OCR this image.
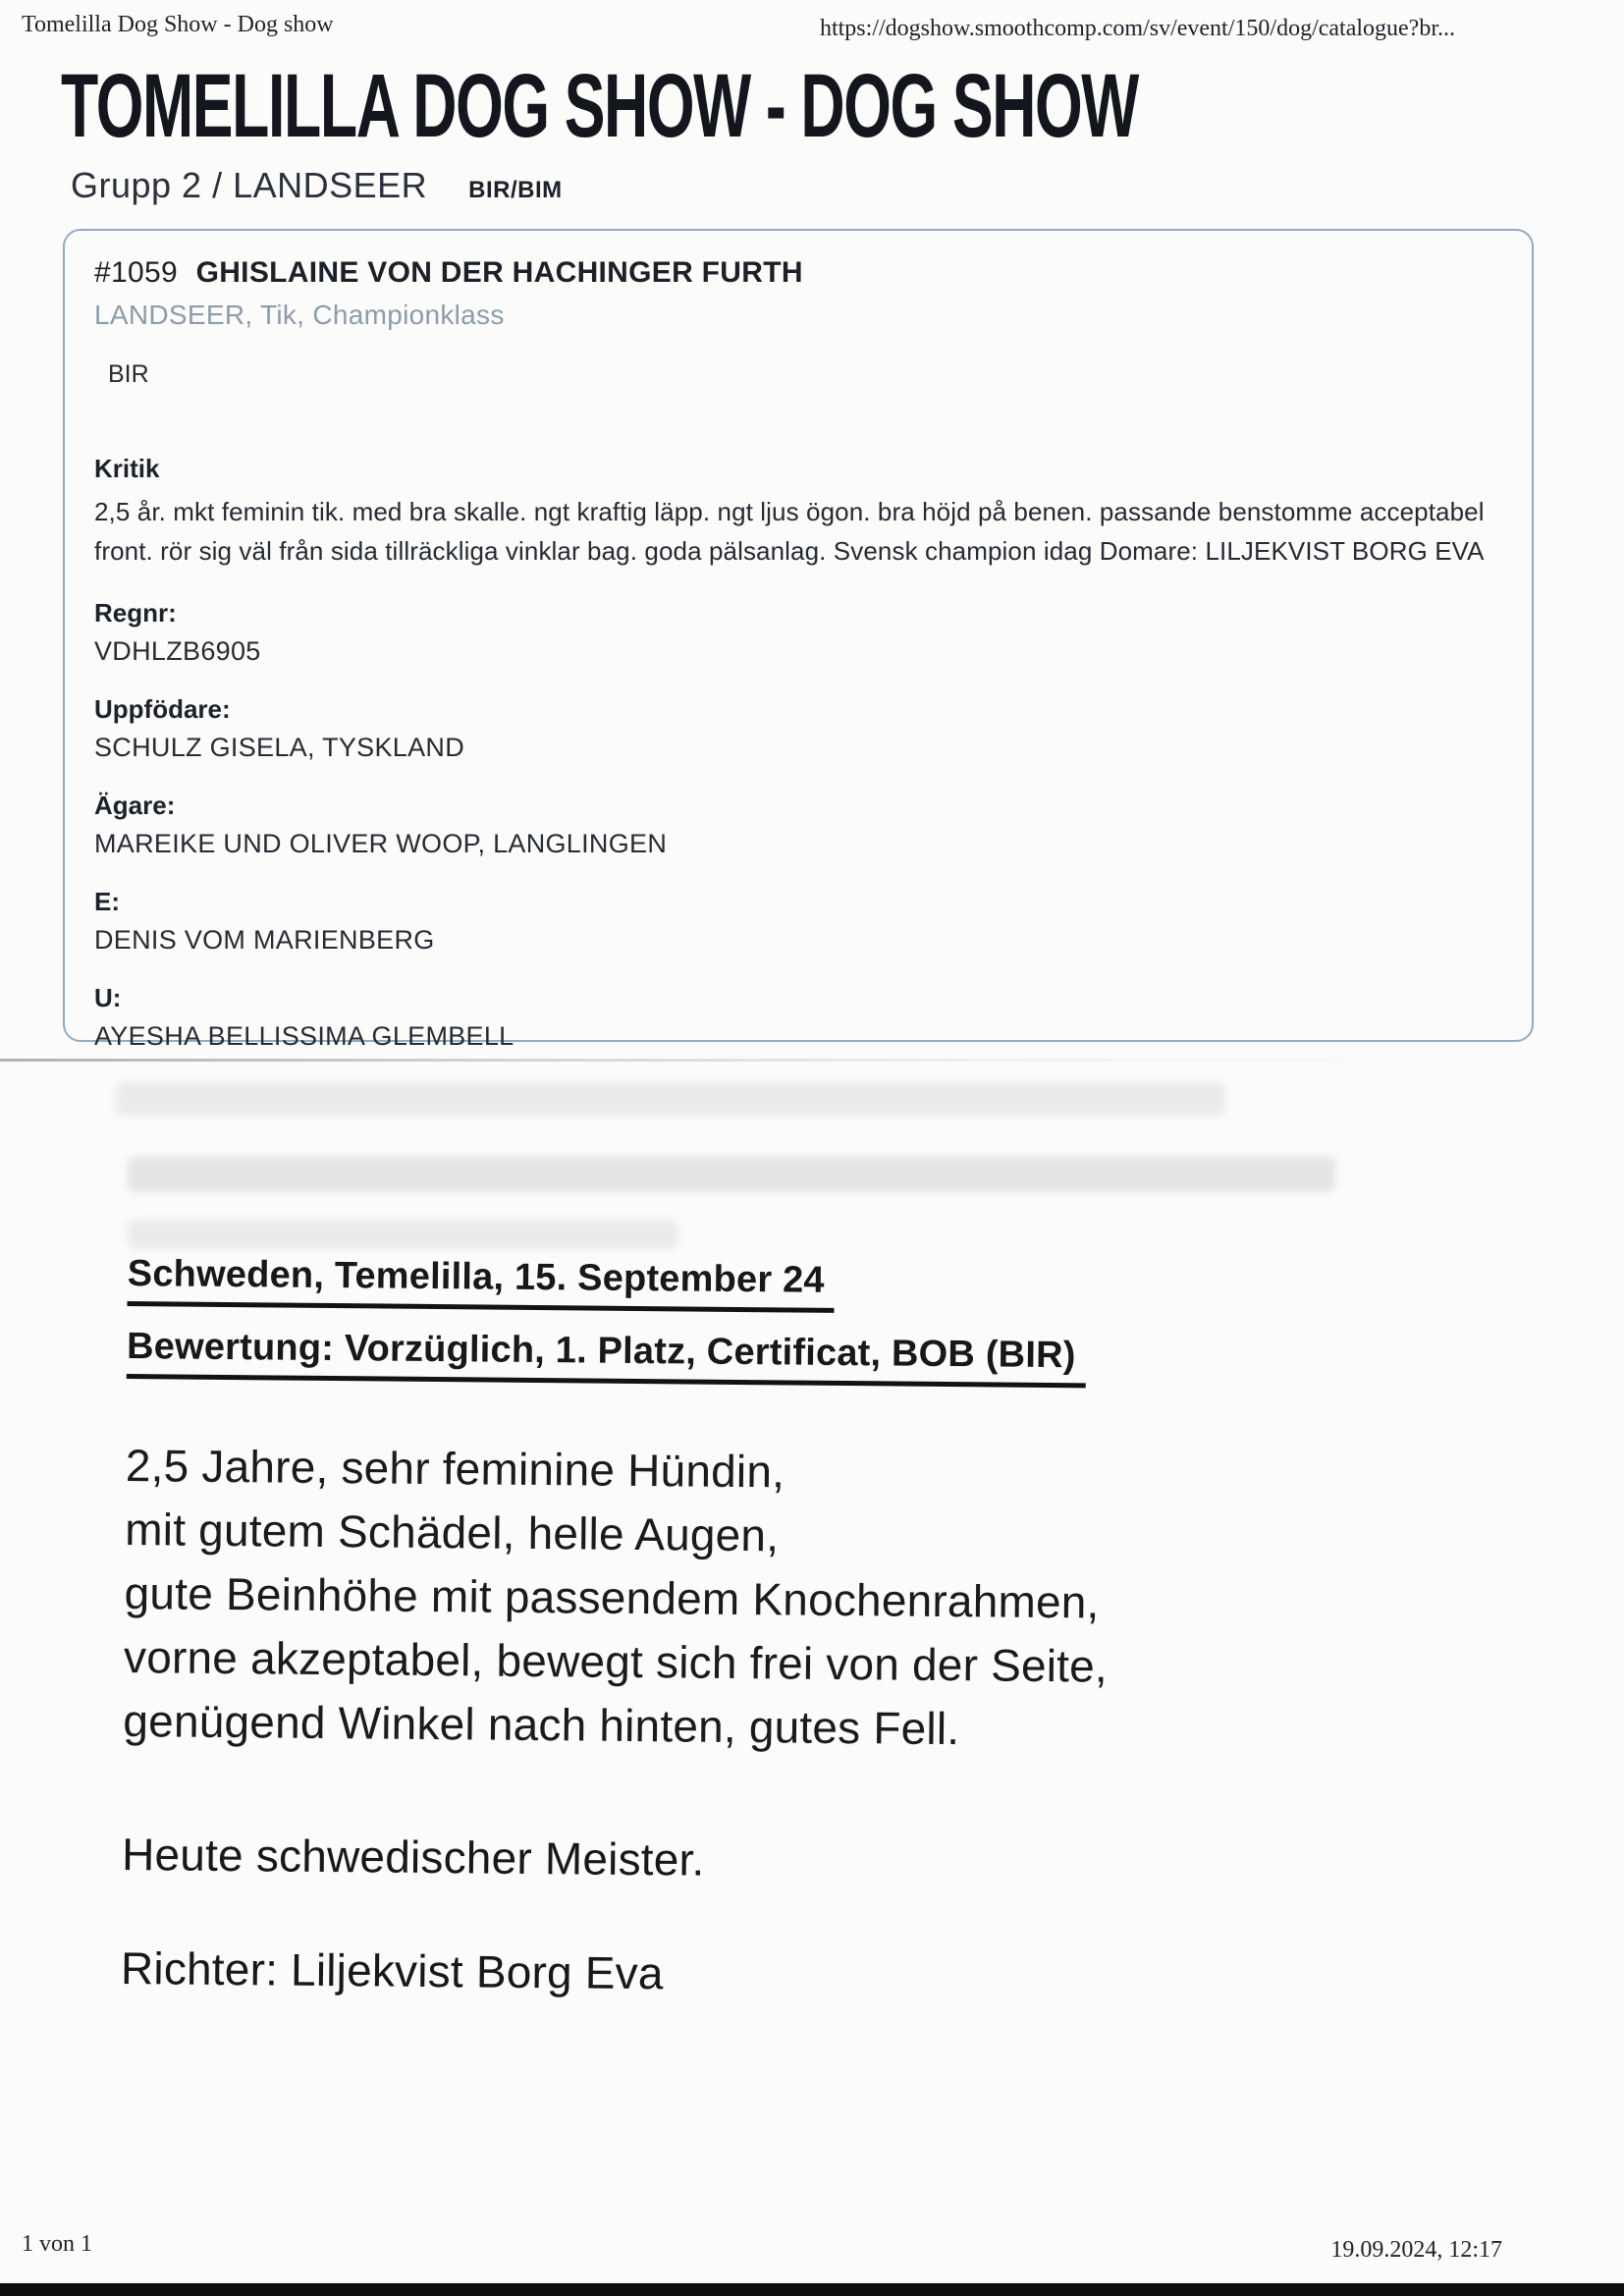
Tomelilla Dog Show - Dog show	https://dogshow.smoothcomp.com/sv/event/150/dog/catalogue?br...
TOMELILLA DOG SHOW - DOG SHOW
Grupp 2 / LANDSEER BIR/BIM
#1059 GHISLAINE VON DER HACHINGER FURTH
LANDSEER, Tik, Championklass
BIR
Kritik
2,5 år. mkt feminin tik. med bra skalle. ngt kraftig läpp. ngt ljus ögon. bra höjd på benen. passande benstomme acceptabel front. rör sig väl från sida tillräckliga vinklar bag. goda pälsanlag. Svensk champion idag Domare: LILJEKVIST BORG EVA
Regnr:
VDHLZB6905
Uppfödare:
SCHULZ GISELA, TYSKLAND
Ägare:
MAREIKE UND OLIVER WOOP, LANGLINGEN
E:
DENIS VOM MARIENBERG
U:
AYESHA BELLISSIMA GLEMBELL
Schweden, Temelilla, 15. September 24
Bewertung: Vorzüglich, 1. Platz, Certificat, BOB (BIR)
2,5 Jahre, sehr feminine Hündin,
mit gutem Schädel, helle Augen,
gute Beinhöhe mit passendem Knochenrahmen,
vorne akzeptabel, bewegt sich frei von der Seite,
genügend Winkel nach hinten, gutes Fell.
Heute schwedischer Meister.
Richter: Liljekvist Borg Eva
1 von 1	19.09.2024, 12:17
